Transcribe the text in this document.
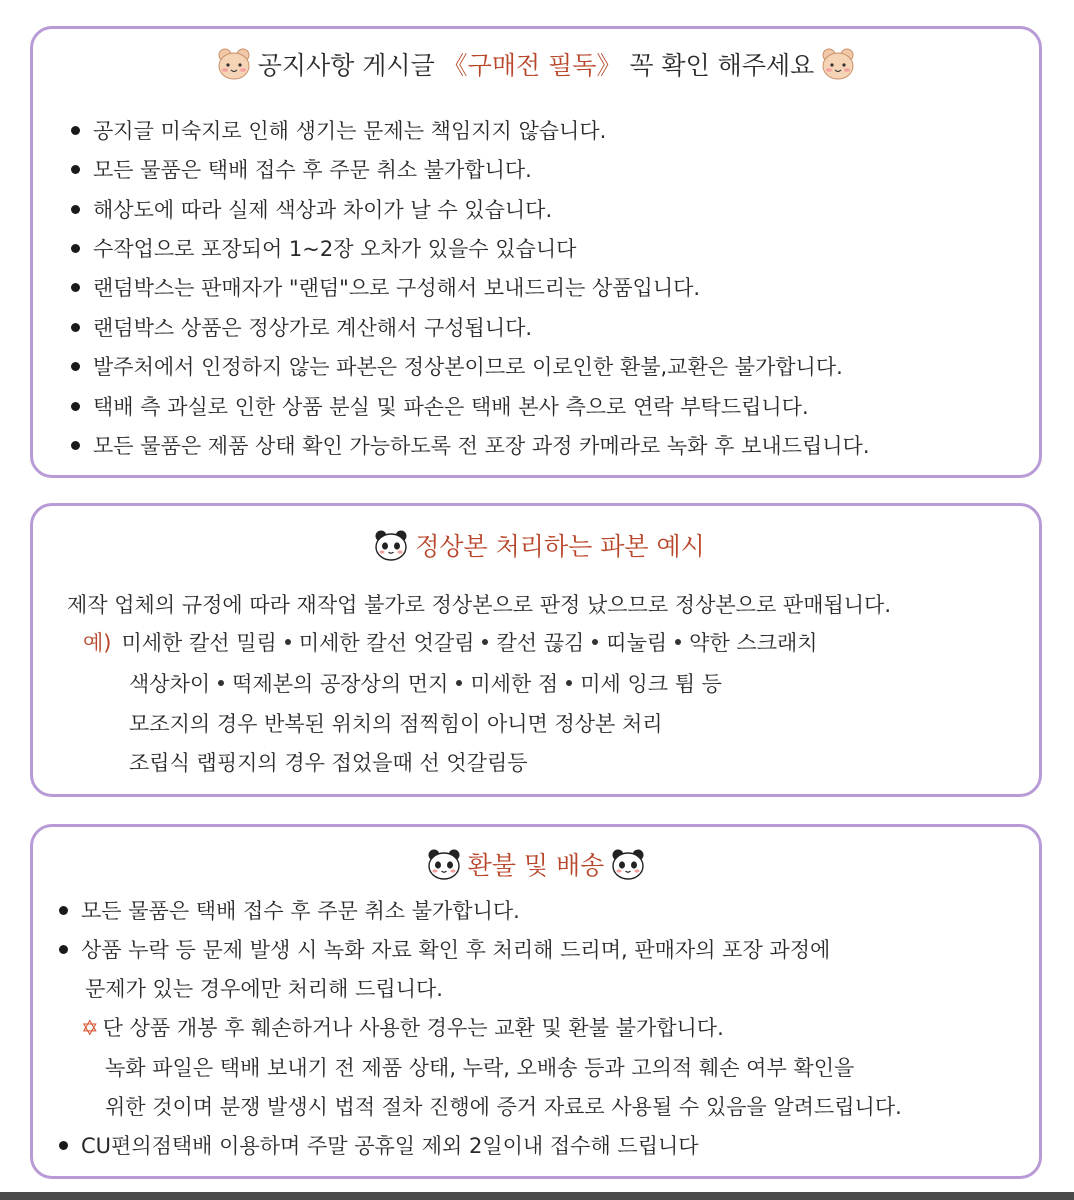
공지사항 게시글 《구매전 필독》 꼭 확인 해주세요
공지글 미숙지로 인해 생기는 문제는 책임지지 않습니다.
모든 물품은 택배 접수 후 주문 취소 불가합니다.
해상도에 따라 실제 색상과 차이가 날 수 있습니다.
수작업으로 포장되어 1~2장 오차가 있을수 있습니다
랜덤박스는 판매자가 "랜덤"으로 구성해서 보내드리는 상품입니다.
랜덤박스 상품은 정상가로 계산해서 구성됩니다.
발주처에서 인정하지 않는 파본은 정상본이므로 이로인한 환불,교환은 불가합니다.
택배 측 과실로 인한 상품 분실 및 파손은 택배 본사 측으로 연락 부탁드립니다.
모든 물품은 제품 상태 확인 가능하도록 전 포장 과정 카메라로 녹화 후 보내드립니다.
정상본 처리하는 파본 예시
제작 업체의 규정에 따라 재작업 불가로 정상본으로 판정 났으므로 정상본으로 판매됩니다.
예) 미세한 칼선 밀림 미세한 칼선 엇갈림 칼선 끊김 띠눌림 약한 스크래치
색상차이 떡제본의 공장상의 먼지 미세한 점 미세 잉크 튐 등
모조지의 경우 반복된 위치의 점찍힘이 아니면 정상본 처리
조립식 랩핑지의 경우 접었을때 선 엇갈림등
환불 및 배송
모든 물품은 택배 접수 후 주문 취소 불가합니다.
상품 누락 등 문제 발생 시 녹화 자료 확인 후 처리해 드리며, 판매자의 포장 과정에
문제가 있는 경우에만 처리해 드립니다.
✡ 단 상품 개봉 후 훼손하거나 사용한 경우는 교환 및 환불 불가합니다.
녹화 파일은 택배 보내기 전 제품 상태, 누락, 오배송 등과 고의적 훼손 여부 확인을
위한 것이며 분쟁 발생시 법적 절차 진행에 증거 자료로 사용될 수 있음을 알려드립니다.
CU편의점택배 이용하며 주말 공휴일 제외 2일이내 접수해 드립니다
